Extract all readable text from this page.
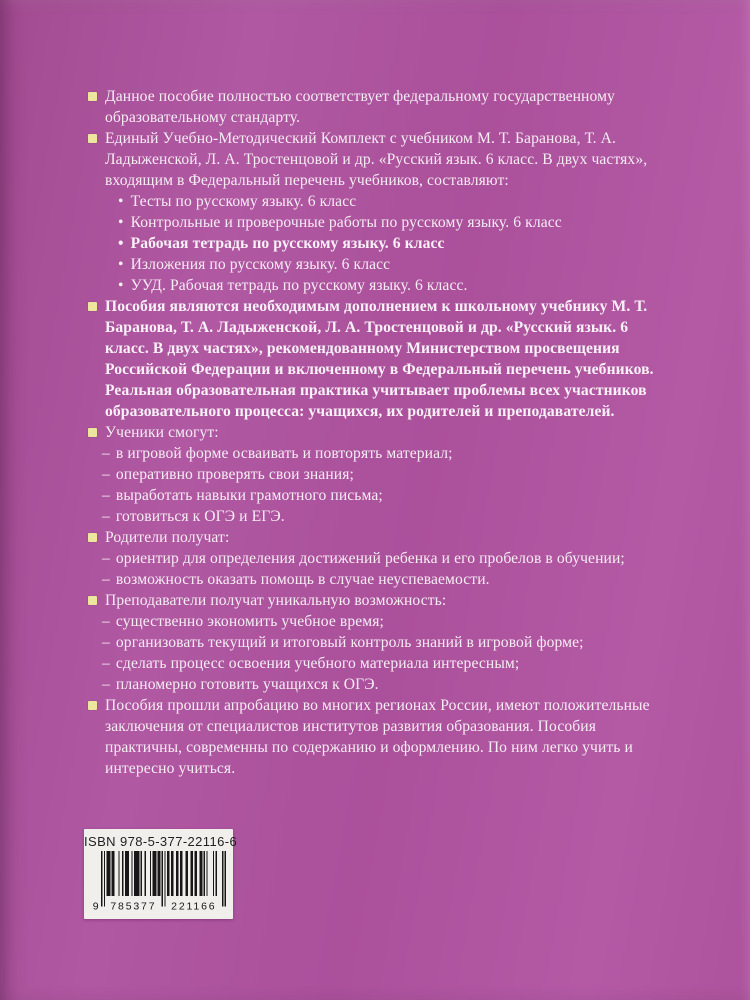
Данное пособие полностью соответствует федеральному государственному образовательному стандарту.
Единый Учебно-Методический Комплект с учебником М. Т. Баранова, Т. А. Ладыженской, Л. А. Тростенцовой и др. «Русский язык. 6 класс. В двух частях», входящим в Федеральный перечень учебников, составляют:
• Тесты по русскому языку. 6 класс
• Контрольные и проверочные работы по русскому языку. 6 класс
• Рабочая тетрадь по русскому языку. 6 класс
• Изложения по русскому языку. 6 класс
• УУД. Рабочая тетрадь по русскому языку. 6 класс.
Пособия являются необходимым дополнением к школьному учебнику М. Т. Баранова, Т. А. Ладыженской, Л. А. Тростенцовой и др. «Русский язык. 6 класс. В двух частях», рекомендованному Министерством просвещения Российской Федерации и включенному в Федеральный перечень учебников. Реальная образовательная практика учитывает проблемы всех участников образовательного процесса: учащихся, их родителей и преподавателей.
Ученики смогут:
– в игровой форме осваивать и повторять материал;
– оперативно проверять свои знания;
– выработать навыки грамотного письма;
– готовиться к ОГЭ и ЕГЭ.
Родители получат:
– ориентир для определения достижений ребенка и его пробелов в обучении;
– возможность оказать помощь в случае неуспеваемости.
Преподаватели получат уникальную возможность:
– существенно экономить учебное время;
– организовать текущий и итоговый контроль знаний в игровой форме;
– сделать процесс освоения учебного материала интересным;
– планомерно готовить учащихся к ОГЭ.
Пособия прошли апробацию во многих регионах России, имеют положительные заключения от специалистов институтов развития образования. Пособия практичны, современны по содержанию и оформлению. По ним легко учить и интересно учиться.
ISBN 978-5-377-22116-6
9 785377 221166
